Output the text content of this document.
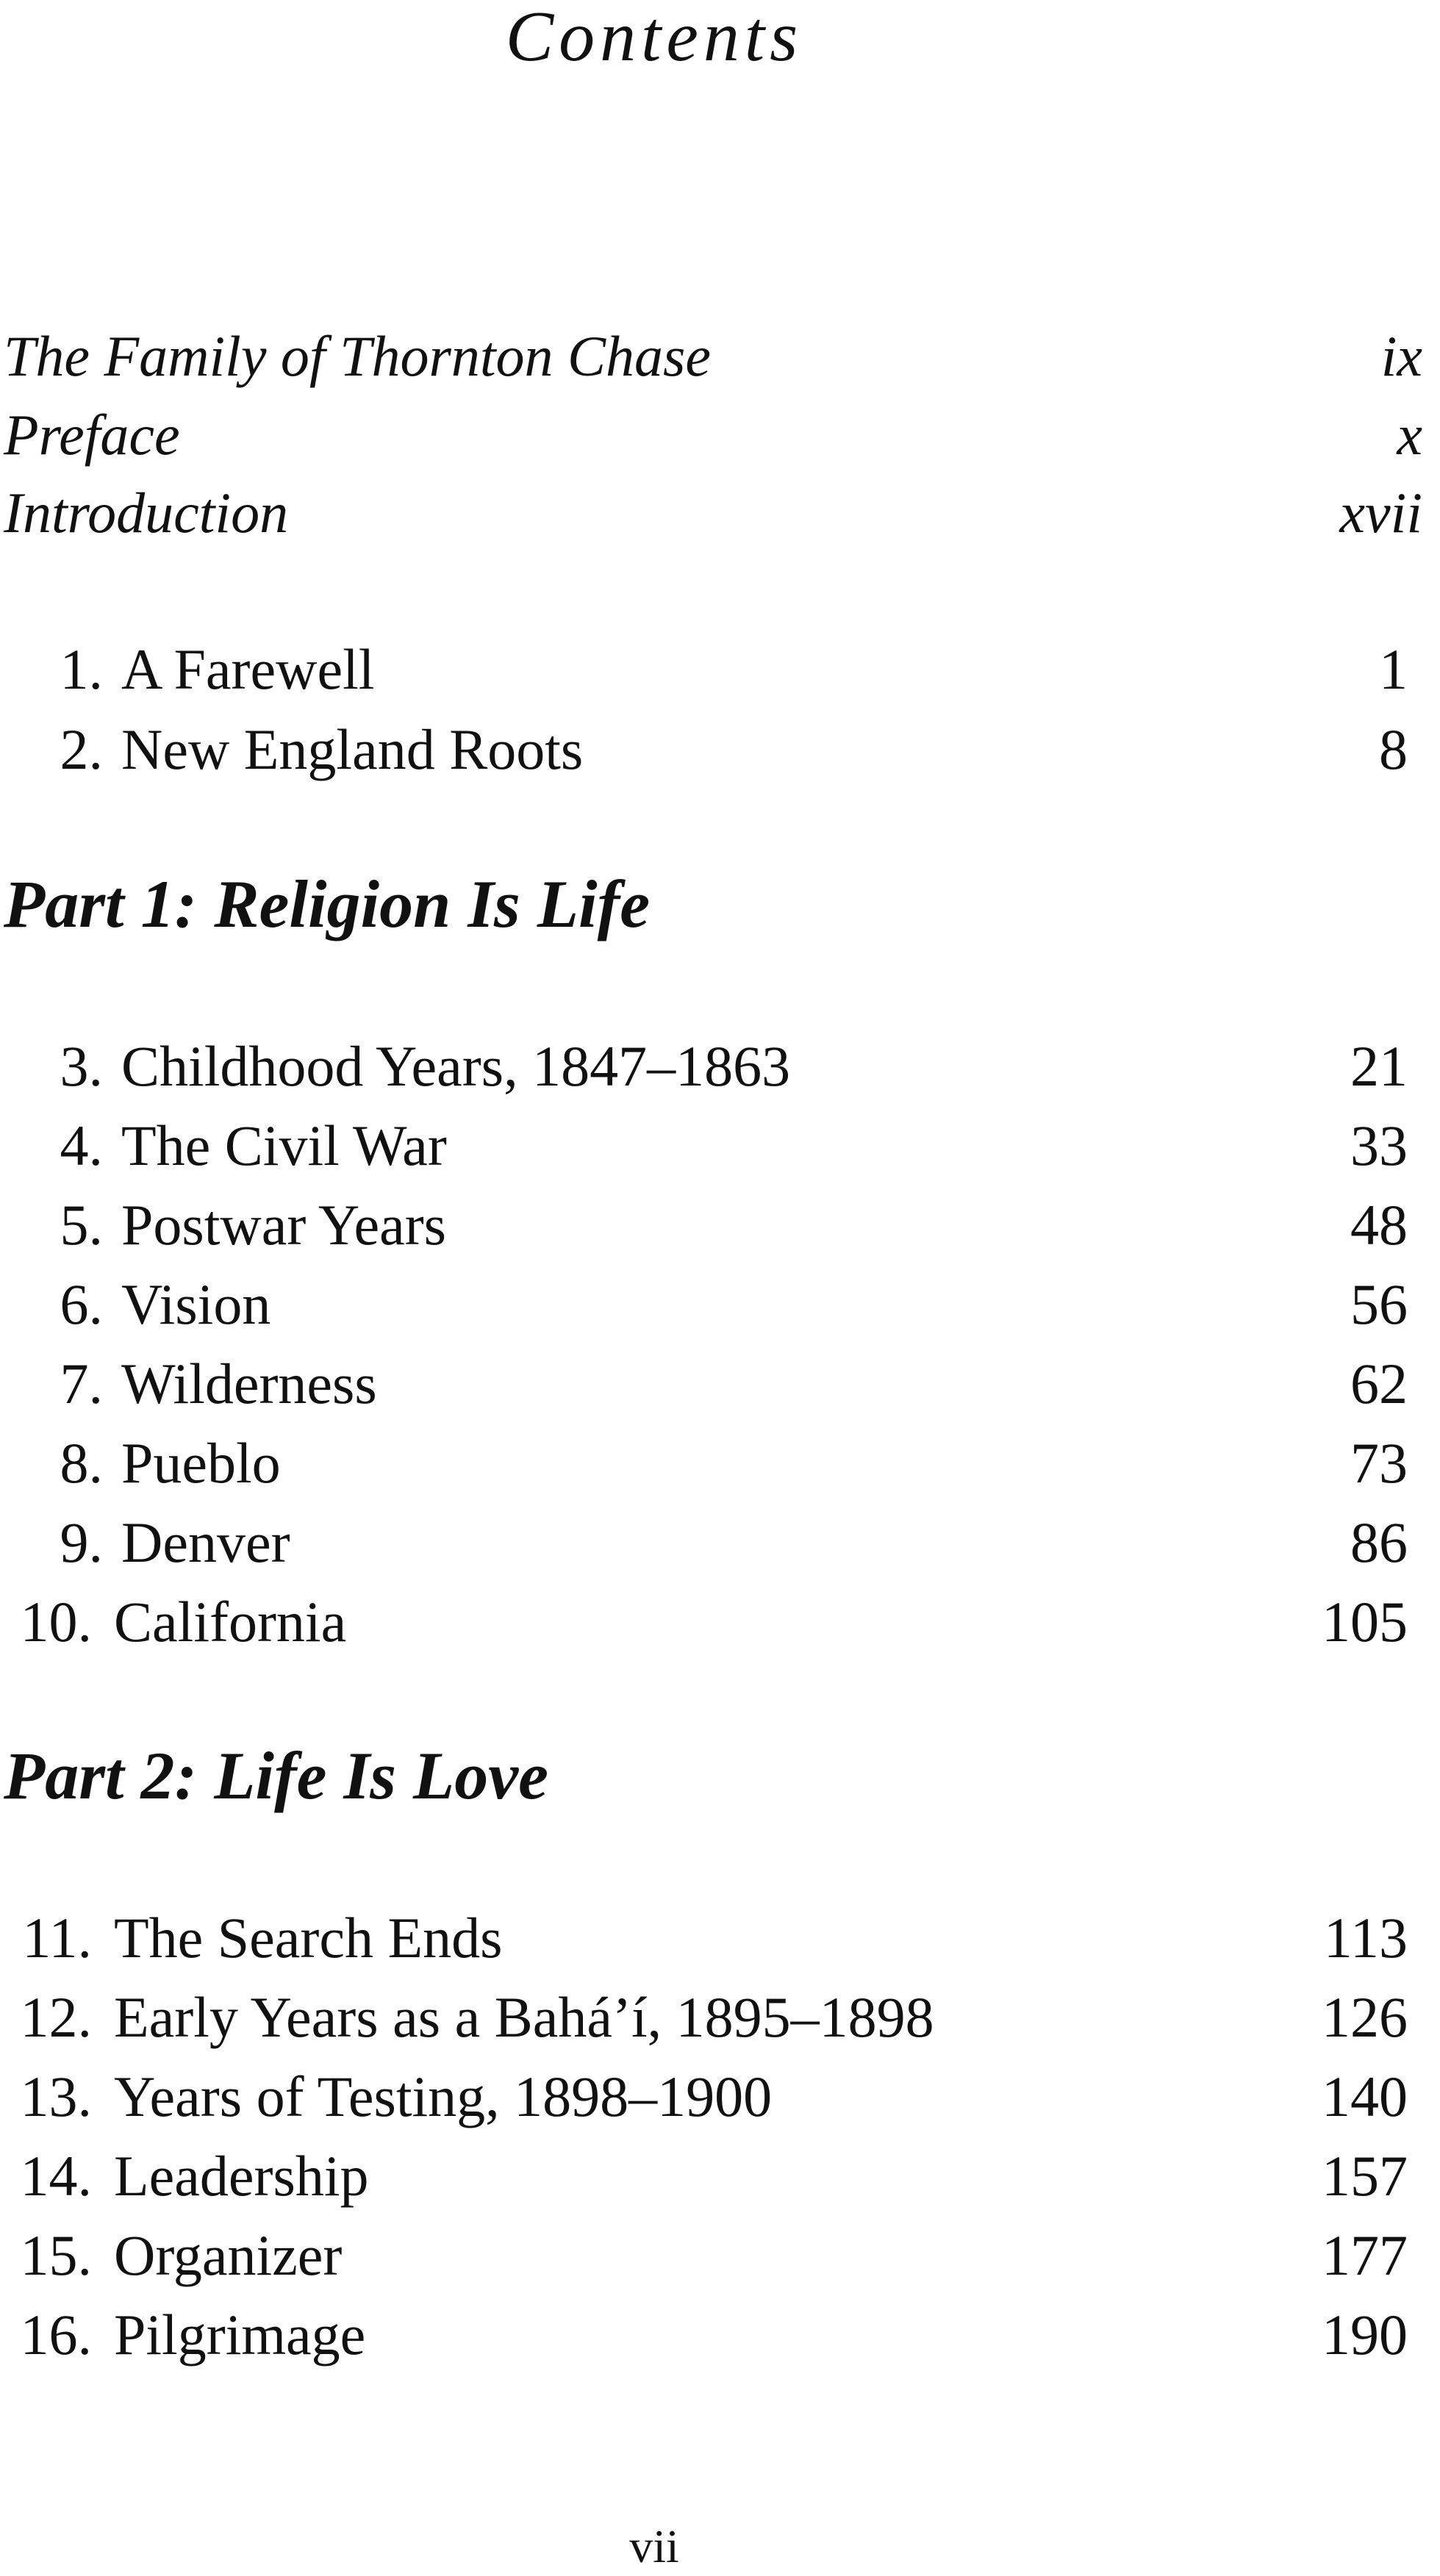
Contents
The Family of Thornton Chase	ix
Preface	x
Introduction	xvii
1. A Farewell	1
2. New England Roots	8
Part 1: Religion Is Life
3. Childhood Years, 1847–1863	21
4. The Civil War	33
5. Postwar Years	48
6. Vision	56
7. Wilderness	62
8. Pueblo	73
9. Denver	86
10. California	105
Part 2: Life Is Love
11. The Search Ends	113
12. Early Years as a Bahá’í, 1895–1898	126
13. Years of Testing, 1898–1900	140
14. Leadership	157
15. Organizer	177
16. Pilgrimage	190
vii
